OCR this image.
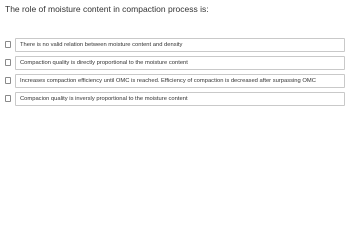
The role of moisture content in compaction process is:
There is no valid relation between moisture content and density
Compaction quality is directly proportional to the moisture content
Increases compaction efficiency until OMC is reached. Efficiency of compaction is decreased after surpassing OMC
Compacion quality is inversly proportional to the moisture content
